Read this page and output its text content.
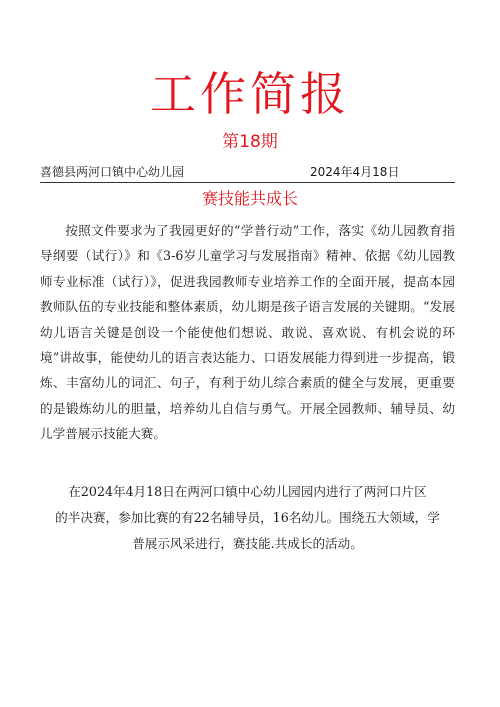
工作简报
第18期
喜德县两河口镇中心幼儿园	2024年4月18日
赛技能共成长

按照文件要求为了我园更好的“学普行动”工作，落实《幼儿园教育指导纲要（试行）》和《3-6岁儿童学习与发展指南》精神、依据《幼儿园教师专业标准（试行）》，促进我园教师专业培养工作的全面开展，提高本园教师队伍的专业技能和整体素质，幼儿期是孩子语言发展的关键期。“发展幼儿语言关键是创设一个能使他们想说、敢说、喜欢说、有机会说的环境”讲故事，能使幼儿的语言表达能力、口语发展能力得到进一步提高，锻炼、丰富幼儿的词汇、句子，有利于幼儿综合素质的健全与发展，更重要的是锻炼幼儿的胆量，培养幼儿自信与勇气。开展全园教师、辅导员、幼儿学普展示技能大赛。

在2024年4月18日在两河口镇中心幼儿园园内进行了两河口片区
的半决赛，参加比赛的有22名辅导员，16名幼儿。围绕五大领域，学
普展示风采进行，赛技能.共成长的活动。
